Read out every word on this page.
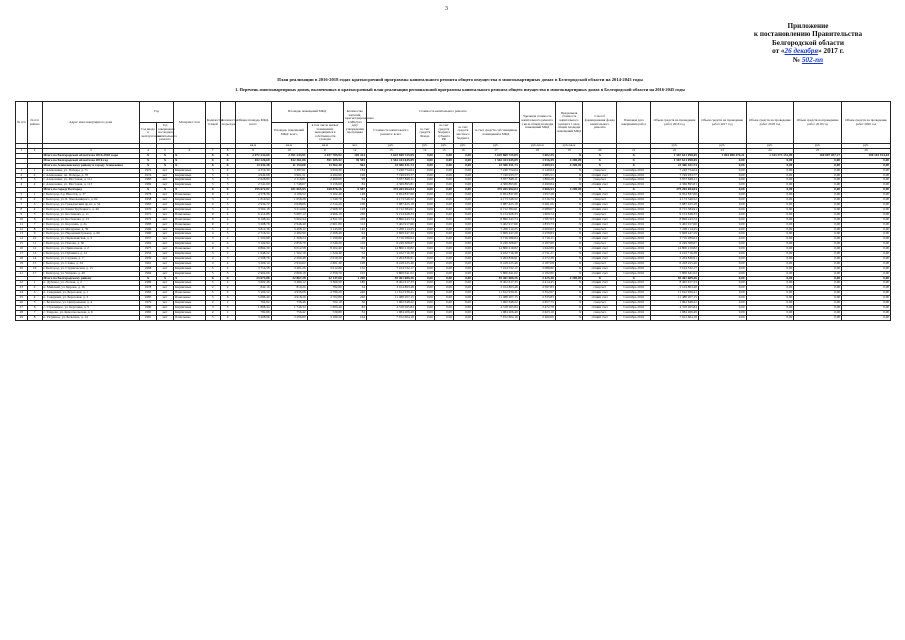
3
Приложение
к постановлению Правительства
Белгородской области
от «26 декабря» 2017 г.
№ 502-пп
План реализации в 2016-2018 годах краткосрочной программы капитального ремонта общего имущества в многоквартирных домах в Белгородской области на 2014-2043 годы
1. Перечень многоквартирных домов, включенных в краткосрочный план реализации региональной программы капитального ремонта общего имущества в многоквартирных домах в Белгородской области на 2016-2045 годы
№ п/п	№ п/п района	Адрес многоквартирного дома	Год		Материал стен	Количество этажей	Количество подъездов	Общая площадь МКД, всего	Площадь помещений МКД		Количество жителей, зарегистрированных в МКД на дату утверждения программы	Стоимость капитального ремонта					Удельная стоимость капитального ремонта 1 кв.м общей площади помещений МКД	Предельная стоимость капитального ремонта 1 кв.м общей площади помещений МКД	Способ формирования фонда капитального ремонта	Плановая дата завершения работ	Объем средств на проведение работ 2016 год	Объем средств на проведение работ 2017 год	Объем средств на проведение работ 2018 год	Объем средств на проведение работ 2019 год	Объем средств на проведение работ 2020 год
			Год ввода в эксплуатацию	Год завершения последнего капитального ремонта					Площадь помещений МКД: всего	в том числе жилых помещений, находящихся в собственности граждан		Стоимость капитального ремонта: всего	за счет средств Фонда	за счет средств бюджета субъекта РФ	за счет средств местного бюджета	за счет средств собственников помещений в МКД									
								кв.м	кв.м	кв.м	чел.	руб.	руб.	руб.	руб.	руб.	руб./кв.м	руб./кв.м			руб.	руб.	руб.	руб.	руб.
1	2	3	4	5	6	7	8	9	10	11	12	13	14	15	16	17	18	19	20	21	22	23	24	25	26
		Итого по Белгородской области на 2016-2018 годы	Х	Х	Х	Х	Х	2 072 232,69	2 391 243,91	2 037 785,92	105 414	3 625 869 725,09	0,00	0,00	0,00	3 625 869 725,09	1 602,35	Х	Х	Х	1 567 621 098,65	1 064 088 476,21	1 343 273 151,09	160 887 057,17	100 103 914,04
		Итого по Белгородской области на 2016 год	Х	Х	Х	Х	Х	652 226,69	812 361,86	591 105,52	39 584	1 562 423 645,09	0,00	0,00	0,00	1 562 423 645,09	1 916,39	4 200,09	Х	Х	1 567 621 098,65	0,00	0,00	0,00	0,00
		Итого по Алексеевскому району и городу Алексеевка	Х	Х	Х	Х	Х	14 432,38	11 154,00	13 562,40	562	23 306 431,73	0,00	0,00	0,00	23 306 431,73	2 089,53	4 200,09	Х	Х	23 306 431,73	0,00	0,00	0,00	0,00
1	1	г. Алексеевка, ул. Победы, д. 71	1974	нет	Кирпичные	5	4	4 319,30	3 387,61	3 650,30	184	7 248 754,04	0,00	0,00	0,00	7 248 754,04	2 140,64	Х	спецсчет	Сентябрь 2016	7 248 754,04	0,00	0,00	0,00	0,00
2	2	г. Алексеевка, пл. Победы, д. 70	1974	нет	Кирпичные	5	4	4 942,68	3 901,51	4 294,90	196	7 749 933,77	0,00	0,00	0,00	7 749 933,77	1 985,51	Х	общий счет	Сентябрь 2016	7 749 933,77	0,00	0,00	0,00	0,00
3	3	г. Алексеевка, ул. Мостовая, д. 111	1983	нет	Кирпичные	5	3	2 628,80	2 116,81	2 460,60	98	3 937 848,11	0,00	0,00	0,00	3 937 848,11	1 860,28	Х	спецсчет	Сентябрь 2016	3 937 848,11	0,00	0,00	0,00	0,00
4	4	г. Алексеевка, ул. Мостовая, д. 113	1982	нет	Кирпичные	5	3	2 541,60	1 748,07	3 156,60	84	4 369 895,81	0,00	0,00	0,00	4 369 895,81	2 499,84	Х	общий счет	Сентябрь 2016	4 369 895,81	0,00	0,00	0,00	0,00
		Итого по городу Белгород	Х	Х	Х	Х	Х	195 672,82	181 665,95	168 876,26	6 587	375 265 694,04	0,00	0,00	0,00	375 265 694,04	2 066,53	4 200,09	Х	Х	375 265 694,04	0,00	0,00	0,00	0,00
5	1	г. Белгород, б-р Юности, д. 37	1976	нет	Панельные	9	4	4 578,36	4 196,52	3 102,40	148	6 954 837,60	0,00	0,00	0,00	6 954 837,60	1 657,28	Х	общий счет	Сентябрь 2016	6 954 837,60	0,00	0,00	0,00	0,00
6	2	г. Белгород, ул. Б. Хмельницкого, д. 62	1958	нет	Кирпичные	3	2	1 816,94	1 658,28	1 540,70	64	4 173 546,52	0,00	0,00	0,00	4 173 546,52	2 516,79	Х	спецсчет	Сентябрь 2016	4 173 546,52	0,00	0,00	0,00	0,00
7	3	г. Белгород, ул. Гражданский пр-кт, д. 54	1963	нет	Кирпичные	4	3	2 934,72	2 648,06	2 314,20	106	5 987 425,18	0,00	0,00	0,00	5 987 425,18	2 261,06	Х	общий счет	Сентябрь 2016	5 987 425,18	0,00	0,00	0,00	0,00
8	4	г. Белгород, ул. Князя Трубецкого, д. 40	1970	нет	Кирпичные	5	4	3 502,18	3 214,66	2 908,30	128	6 712 384,91	0,00	0,00	0,00	6 712 384,91	2 088,07	Х	общий счет	Сентябрь 2016	6 712 384,91	0,00	0,00	0,00	0,00
9	5	г. Белгород, ул. Костюкова, д. 11	1971	нет	Панельные	9	4	6 214,88	5 687,12	4 966,10	236	9 154 628,33	0,00	0,00	0,00	9 154 628,33	1 609,74	Х	спецсчет	Сентябрь 2016	9 154 628,33	0,00	0,00	0,00	0,00
10	6	г. Белгород, ул. Костюкова, д. 13	1972	нет	Панельные	9	4	6 108,44	5 602,34	4 811,50	228	8 896 243,74	0,00	0,00	0,00	8 896 243,74	1 587,93	Х	общий счет	Сентябрь 2016	8 896 243,74	0,00	0,00	0,00	0,00
11	7	г. Белгород, ул. Королева, д. 2а	1983	нет	Панельные	9	2	3 208,76	2 946,40	2 601,80	112	5 402 917,66	0,00	0,00	0,00	5 402 917,66	1 833,73	Х	общий счет	Сентябрь 2016	5 402 917,66	0,00	0,00	0,00	0,00
12	8	г. Белгород, ул. Мичурина, д. 39	1966	нет	Кирпичные	5	4	3 812,36	3 498,12	3 145,60	140	7 206 114,25	0,00	0,00	0,00	7 206 114,25	2 060,02	Х	спецсчет	Сентябрь 2016	7 206 114,25	0,00	0,00	0,00	0,00
13	9	г. Белгород, ул. Народный бульвар, д. 66	1960	нет	Кирпичные	4	3	2 716,54	2 482,90	2 208,40	94	5 608 447,29	0,00	0,00	0,00	5 608 447,29	2 258,83	Х	общий счет	Сентябрь 2016	5 608 447,29	0,00	0,00	0,00	0,00
14	10	г. Белгород, ул. Первомайская, д. 3	1957	нет	Кирпичные	3	2	1 502,80	1 368,24	1 190,60	48	3 716 289,04	0,00	0,00	0,00	3 716 289,04	2 716,11	Х	общий счет	Сентябрь 2016	3 716 289,04	0,00	0,00	0,00	0,00
15	11	г. Белгород, ул. Попова, д. 36	1962	нет	Кирпичные	4	4	3 102,94	2 856,70	2 540,20	116	6 249 308,67	0,00	0,00	0,00	6 249 308,67	2 187,60	Х	спецсчет	Сентябрь 2016	6 249 308,67	0,00	0,00	0,00	0,00
16	12	г. Белгород, ул. Привольная, д. 2	1975	нет	Панельные	9	6	9 864,30	9 012,58	8 102,40	342	14 806 219,82	0,00	0,00	0,00	14 806 219,82	1 642,86	Х	общий счет	Сентябрь 2016	14 806 219,82	0,00	0,00	0,00	0,00
17	13	г. Белгород, ул. Пушкина, д. 14	1954	нет	Кирпичные	3	2	1 648,22	1 502,16	1 320,40	52	4 102 716,38	0,00	0,00	0,00	4 102 716,38	2 731,21	Х	общий счет	Сентябрь 2016	4 102 716,38	0,00	0,00	0,00	0,00
18	14	г. Белгород, ул. Садовая, д. 7	1959	нет	Кирпичные	4	3	2 508,76	2 290,48	2 010,20	88	5 204 836,91	0,00	0,00	0,00	5 204 836,91	2 272,38	Х	общий счет	Сентябрь 2016	5 204 836,91	0,00	0,00	0,00	0,00
19	15	г. Белгород, ул. Славы, д. 34	1961	нет	Кирпичные	4	4	3 206,14	2 934,62	2 601,30	108	6 418 225,46	0,00	0,00	0,00	6 418 225,46	2 187,08	Х	спецсчет	Сентябрь 2016	6 418 225,46	0,00	0,00	0,00	0,00
20	16	г. Белгород, ул. Студенческая, д. 15	1968	нет	Кирпичные	5	4	3 714,58	3 401,26	3 012,80	132	7 104 532,17	0,00	0,00	0,00	7 104 532,17	2 088,80	Х	общий счет	Сентябрь 2016	7 104 532,17	0,00	0,00	0,00	0,00
21	17	г. Белгород, ул. Чапаева, д. 20	1964	нет	Кирпичные	5	3	2 904,66	2 660,18	2 350,70	102	5 806 641,02	0,00	0,00	0,00	5 806 641,02	2 182,80	Х	общий счет	Сентябрь 2016	5 806 641,02	0,00	0,00	0,00	0,00
		Итого по Белгородскому району	Х	Х	Х	Х	Х	23 672,88	22 867,28	22 147,60	1 208	55 461 689,26	0,00	0,00	0,00	55 461 689,26	2 425,38	4 200,09	Х	Х	55 461 689,26	0,00	0,00	0,00	0,00
22	1	п. Дубовое, ул. Лесная, д. 2	1986	нет	Кирпичные	5	4	3 602,48	3 480,12	3 360,50	180	8 402 617,33	0,00	0,00	0,00	8 402 617,33	2 414,45	Х	общий счет	Сентябрь 2016	8 402 617,33	0,00	0,00	0,00	0,00
23	2	п. Майский, ул. Кирова, д. 16	1978	нет	Кирпичные	2	2	842,16	810,24	782,60	34	2 104 863,48	0,00	0,00	0,00	2 104 863,48	2 597,83	Х	спецсчет	Сентябрь 2016	2 104 863,48	0,00	0,00	0,00	0,00
24	3	п. Северный, ул. Березовая, д. 1	1984	нет	Панельные	5	6	5 104,52	4 936,08	4 780,20	246	11 612 930,41	0,00	0,00	0,00	11 612 930,41	2 352,67	Х	общий счет	Сентябрь 2016	11 612 930,41	0,00	0,00	0,00	0,00
25	4	п. Северный, ул. Березовая, д. 3	1985	нет	Панельные	5	6	5 086,40	4 918,26	4 762,80	240	11 488 207,15	0,00	0,00	0,00	11 488 207,15	2 335,83	Х	общий счет	Сентябрь 2016	11 488 207,15	0,00	0,00	0,00	0,00
26	5	с. Беловское, ул. Центральная, д. 4	1979	нет	Кирпичные	2	2	764,92	738,46	702,10	30	1 962 648,22	0,00	0,00	0,00	1 962 648,22	2 657,73	Х	спецсчет	Сентябрь 2016	1 962 648,22	0,00	0,00	0,00	0,00
27	6	с. Стрелецкое, ул. Королева, д. 5	1980	нет	Кирпичные	3	3	1 808,44	1 746,32	1 690,40	82	4 318 265,84	0,00	0,00	0,00	4 318 265,84	2 472,78	Х	общий счет	Сентябрь 2016	4 318 265,84	0,00	0,00	0,00	0,00
28	7	с. Таврово, ул. Комсомольская, д. 6	1982	нет	Кирпичные	2	2	782,66	756,42	720,80	32	1 984 206,49	0,00	0,00	0,00	1 984 206,49	2 623,16	Х	спецсчет	Сентябрь 2016	1 984 206,49	0,00	0,00	0,00	0,00
29	8	п. Разумное, ул. Бельгина, д. 14	1981	нет	Панельные	5	4	3 408,66	3 296,80	3 180,20	164	7 912 604,18	0,00	0,00	0,00	7 912 604,18	2 400,09	Х	общий счет	Сентябрь 2016	7 912 604,18	0,00	0,00	0,00	0,00
